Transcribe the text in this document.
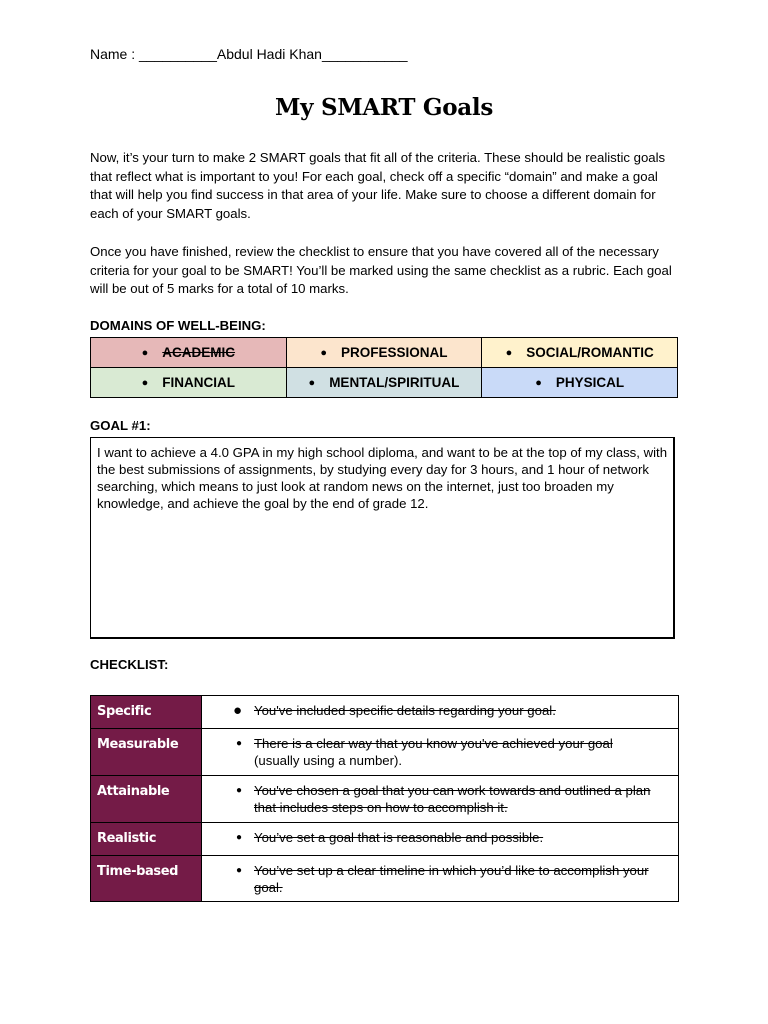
Name : __________Abdul Hadi Khan___________
My SMART Goals
Now, it’s your turn to make 2 SMART goals that fit all of the criteria. These should be realistic goals that reflect what is important to you! For each goal, check off a specific “domain” and make a goal that will help you find success in that area of your life. Make sure to choose a different domain for each of your SMART goals.
Once you have finished, review the checklist to ensure that you have covered all of the necessary criteria for your goal to be SMART! You’ll be marked using the same checklist as a rubric. Each goal will be out of 5 marks for a total of 10 marks.
DOMAINS OF WELL-BEING:
● ACADEMIC	● PROFESSIONAL	● SOCIAL/ROMANTIC
● FINANCIAL	● MENTAL/SPIRITUAL	● PHYSICAL
GOAL #1:
I want to achieve a 4.0 GPA in my high school diploma, and want to be at the top of my class, with the best submissions of assignments, by studying every day for 3 hours, and 1 hour of network searching, which means to just look at random news on the internet, just too broaden my knowledge, and achieve the goal by the end of grade 12.
CHECKLIST:
Specific	● You've included specific details regarding your goal.

Measurable	● There is a clear way that you know you've achieved your goal
(usually using a number).

Attainable	● You've chosen a goal that you can work towards and outlined a plan that includes steps on how to accomplish it.

Realistic	● You’ve set a goal that is reasonable and possible.

Time-based	● You’ve set up a clear timeline in which you’d like to accomplish your goal.
